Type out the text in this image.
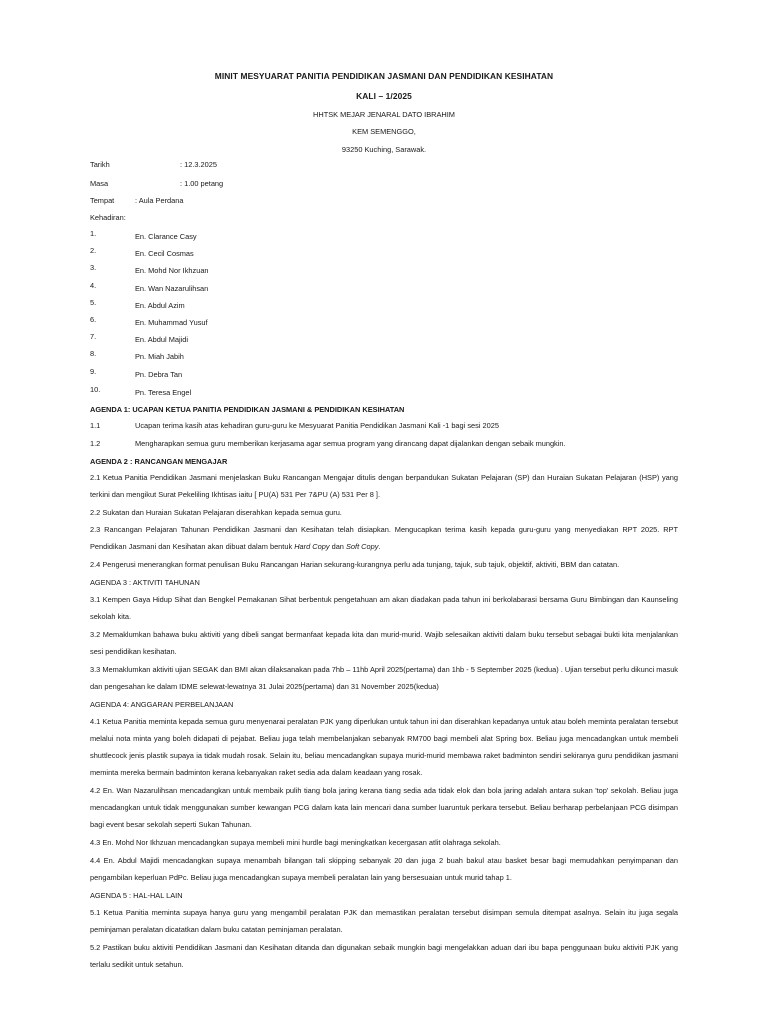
MINIT MESYUARAT PANITIA PENDIDIKAN JASMANI DAN PENDIDIKAN KESIHATAN
KALI – 1/2025
HHTSK MEJAR JENARAL DATO IBRAHIM
KEM SEMENGGO,
93250 Kuching, Sarawak.
Tarikh	: 12.3.2025
Masa	: 1.00 petang
Tempat	: Aula Perdana
Kehadiran:
1.	En. Clarance Casy
2.	En. Cecil Cosmas
3.	En. Mohd Nor Ikhzuan
4.	En. Wan Nazarulihsan
5.	En. Abdul Azim
6.	En. Muhammad Yusuf
7.	En. Abdul Majidi
8.	Pn. Miah Jabih
9.	Pn. Debra Tan
10.	Pn. Teresa Engel
AGENDA 1: UCAPAN KETUA PANITIA PENDIDIKAN JASMANI & PENDIDIKAN KESIHATAN
1.1	Ucapan terima kasih atas kehadiran guru-guru ke Mesyuarat Panitia Pendidikan Jasmani Kali -1 bagi sesi 2025
1.2	Mengharapkan semua guru memberikan kerjasama agar semua program yang dirancang dapat dijalankan dengan sebaik mungkin.
AGENDA 2 : RANCANGAN MENGAJAR
2.1 Ketua Panitia Pendidikan Jasmani menjelaskan Buku Rancangan Mengajar ditulis dengan berpandukan Sukatan Pelajaran (SP) dan Huraian Sukatan Pelajaran (HSP) yang terkini dan mengikut Surat Pekeliling Ikhtisas iaitu [ PU(A) 531 Per 7&PU (A) 531 Per 8 ].
2.2 Sukatan dan Huraian Sukatan Pelajaran diserahkan kepada semua guru.
2.3 Rancangan Pelajaran Tahunan Pendidikan Jasmani dan Kesihatan telah disiapkan. Mengucapkan terima kasih kepada guru-guru yang menyediakan RPT 2025. RPT Pendidikan Jasmani dan Kesihatan akan dibuat dalam bentuk Hard Copy dan Soft Copy.
2.4 Pengerusi menerangkan format penulisan Buku Rancangan Harian sekurang-kurangnya perlu ada tunjang, tajuk, sub tajuk, objektif, aktiviti, BBM dan catatan.
AGENDA 3 : AKTIVITI TAHUNAN
3.1 Kempen Gaya Hidup Sihat dan Bengkel Pemakanan Sihat berbentuk pengetahuan am akan diadakan pada tahun ini berkolabarasi bersama Guru Bimbingan dan Kaunseling sekolah kita.
3.2 Memaklumkan bahawa buku aktiviti yang dibeli sangat bermanfaat kepada kita dan murid-murid. Wajib selesaikan aktiviti dalam buku tersebut sebagai bukti kita menjalankan sesi pendidikan kesihatan.
3.3 Memaklumkan aktiviti ujian SEGAK dan BMI akan dilaksanakan pada 7hb – 11hb April 2025(pertama) dan 1hb - 5 September 2025 (kedua) . Ujian tersebut perlu dikunci masuk dan pengesahan ke dalam IDME selewat-lewatnya 31 Julai 2025(pertama) dan 31 November 2025(kedua)
AGENDA 4: ANGGARAN PERBELANJAAN
4.1 Ketua Panitia meminta kepada semua guru menyenarai peralatan PJK yang diperlukan untuk tahun ini dan diserahkan kepadanya untuk atau boleh meminta peralatan tersebut melalui nota minta yang boleh didapati di pejabat. Beliau juga telah membelanjakan sebanyak RM700 bagi membeli alat Spring box. Beliau juga mencadangkan untuk membeli shuttlecock jenis plastik supaya ia tidak mudah rosak. Selain itu, beliau mencadangkan supaya murid-murid membawa raket badminton sendiri sekiranya guru pendidikan jasmani meminta mereka bermain badminton kerana kebanyakan raket sedia ada dalam keadaan yang rosak.
4.2 En. Wan Nazarulihsan mencadangkan untuk membaik pulih tiang bola jaring kerana tiang sedia ada tidak elok dan bola jaring adalah antara sukan 'top' sekolah. Beliau juga mencadangkan untuk tidak menggunakan sumber kewangan PCG dalam kata lain mencari dana sumber luaruntuk perkara tersebut. Beliau berharap perbelanjaan PCG disimpan bagi event besar sekolah seperti Sukan Tahunan.
4.3 En. Mohd Nor Ikhzuan mencadangkan supaya membeli mini hurdle bagi meningkatkan kecergasan atlit olahraga sekolah.
4.4 En. Abdul Majidi mencadangkan supaya menambah bilangan tali skipping sebanyak 20 dan juga 2 buah bakul atau basket besar bagi memudahkan penyimpanan dan pengambilan keperluan PdPc. Beliau juga mencadangkan supaya membeli peralatan lain yang bersesuaian untuk murid tahap 1.
AGENDA 5 : HAL-HAL LAIN
5.1 Ketua Panitia meminta supaya hanya guru yang mengambil peralatan PJK dan memastikan peralatan tersebut disimpan semula ditempat asalnya. Selain itu juga segala peminjaman peralatan dicatatkan dalam buku catatan peminjaman peralatan.
5.2 Pastikan buku aktiviti Pendidikan Jasmani dan Kesihatan ditanda dan digunakan sebaik mungkin bagi mengelakkan aduan dari ibu bapa penggunaan buku aktiviti PJK yang terlalu sedikit untuk setahun.
